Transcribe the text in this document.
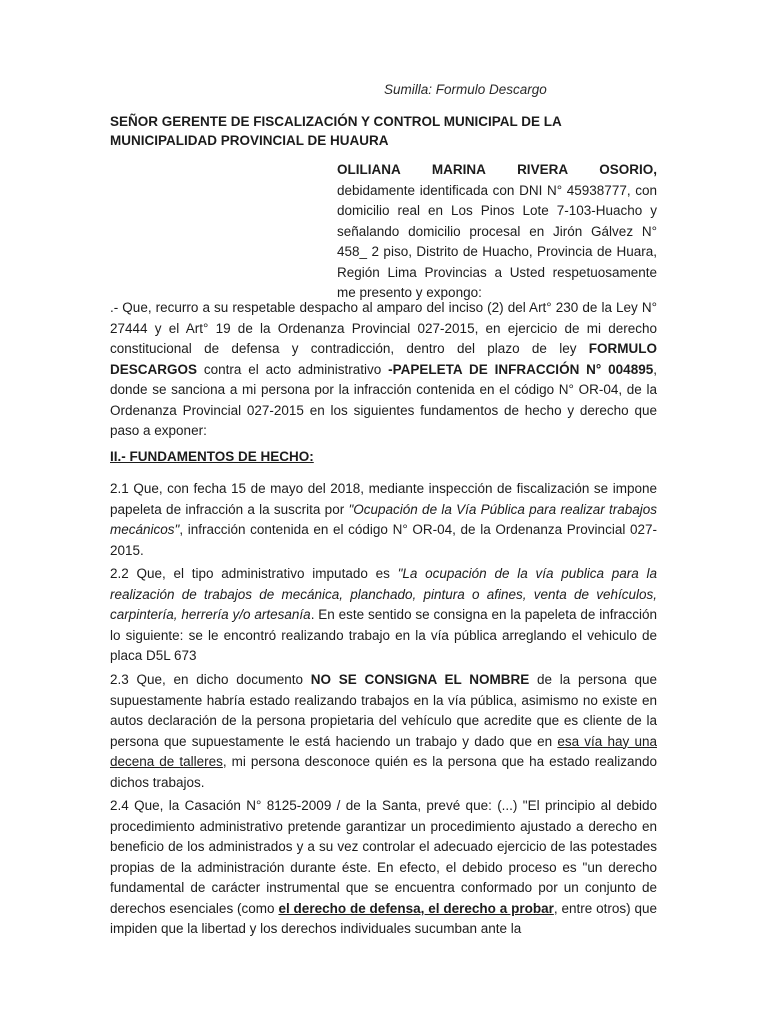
Sumilla: Formulo Descargo
SEÑOR GERENTE DE FISCALIZACIÓN Y CONTROL MUNICIPAL DE LA
MUNICIPALIDAD PROVINCIAL DE HUAURA
OLILIANA MARINA RIVERA OSORIO,
debidamente identificada con DNI N° 45938777, con domicilio real en Los Pinos Lote 7-103-Huacho y señalando domicilio procesal en Jirón Gálvez N° 458_ 2 piso, Distrito de Huacho, Provincia de Huara, Región Lima Provincias a Usted respetuosamente me presento y expongo:
.- Que, recurro a su respetable despacho al amparo del inciso (2) del Art° 230 de la Ley N° 27444 y el Art° 19 de la Ordenanza Provincial 027-2015, en ejercicio de mi derecho constitucional de defensa y contradicción, dentro del plazo de ley FORMULO DESCARGOS contra el acto administrativo -PAPELETA DE INFRACCIÓN N° 004895, donde se sanciona a mi persona por la infracción contenida en el código N° OR-04, de la Ordenanza Provincial 027-2015 en los siguientes fundamentos de hecho y derecho que paso a exponer:
II.- FUNDAMENTOS DE HECHO:
2.1 Que, con fecha 15 de mayo del 2018, mediante inspección de fiscalización se impone papeleta de infracción a la suscrita por "Ocupación de la Vía Pública para realizar trabajos mecánicos", infracción contenida en el código N° OR-04, de la Ordenanza Provincial 027-2015.
2.2 Que, el tipo administrativo imputado es "La ocupación de la vía publica para la realización de trabajos de mecánica, planchado, pintura o afines, venta de vehículos, carpintería, herrería y/o artesanía. En este sentido se consigna en la papeleta de infracción lo siguiente: se le encontró realizando trabajo en la vía pública arreglando el vehiculo de placa D5L 673
2.3 Que, en dicho documento NO SE CONSIGNA EL NOMBRE de la persona que supuestamente habría estado realizando trabajos en la vía pública, asimismo no existe en autos declaración de la persona propietaria del vehículo que acredite que es cliente de la persona que supuestamente le está haciendo un trabajo y dado que en esa vía hay una decena de talleres, mi persona desconoce quién es la persona que ha estado realizando dichos trabajos.
2.4 Que, la Casación N° 8125-2009 / de la Santa, prevé que: (...) "El principio al debido procedimiento administrativo pretende garantizar un procedimiento ajustado a derecho en beneficio de los administrados y a su vez controlar el adecuado ejercicio de las potestades propias de la administración durante éste. En efecto, el debido proceso es "un derecho fundamental de carácter instrumental que se encuentra conformado por un conjunto de derechos esenciales (como el derecho de defensa, el derecho a probar, entre otros) que impiden que la libertad y los derechos individuales sucumban ante la
